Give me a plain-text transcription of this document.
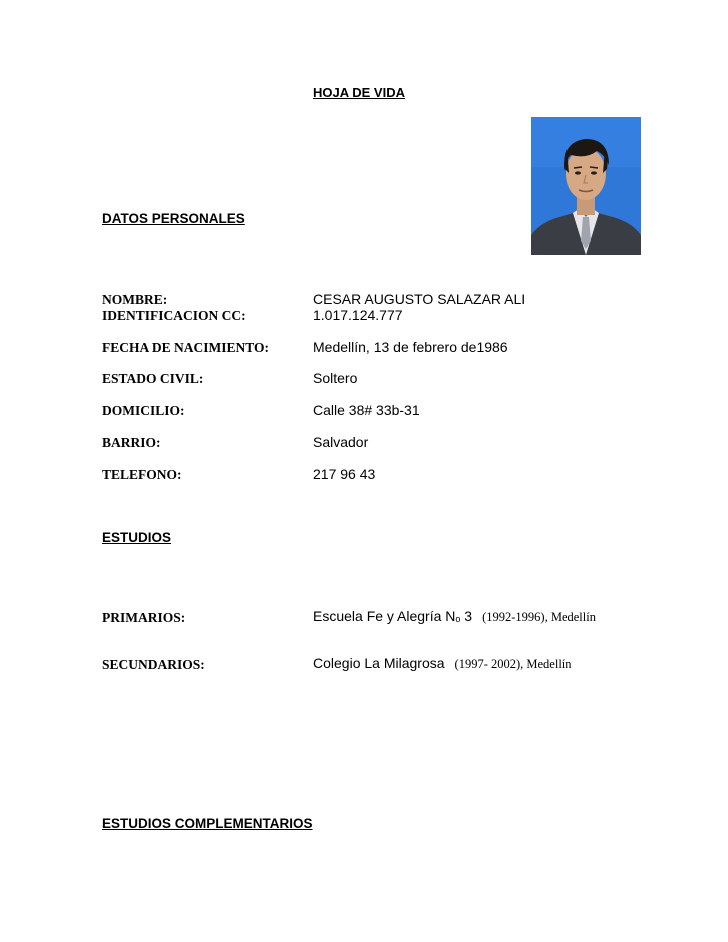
HOJA DE VIDA
DATOS PERSONALES
NOMBRE:	CESAR AUGUSTO SALAZAR ALI
IDENTIFICACION CC:	1.017.124.777
FECHA DE NACIMIENTO:	Medellín, 13 de febrero de1986
ESTADO CIVIL:	Soltero
DOMICILIO:	Calle 38# 33b-31
BARRIO:	Salvador
TELEFONO:	217 96 43
ESTUDIOS
PRIMARIOS:	Escuela Fe y Alegría No 3 (1992-1996), Medellín
SECUNDARIOS:	Colegio La Milagrosa (1997- 2002), Medellín
ESTUDIOS COMPLEMENTARIOS
